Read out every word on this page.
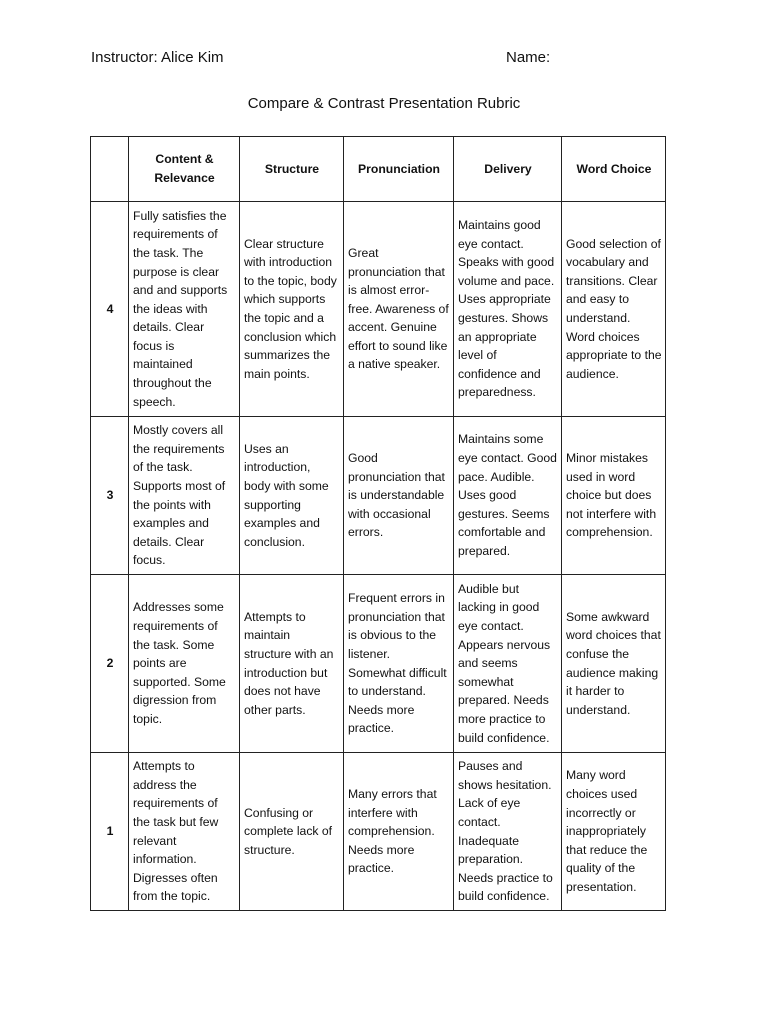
Instructor: Alice Kim	Name:
Compare & Contrast Presentation Rubric
	Content & Relevance	Structure	Pronunciation	Delivery	Word Choice
4	Fully satisfies the requirements of the task. The purpose is clear and and supports the ideas with details. Clear focus is maintained throughout the speech.	Clear structure with introduction to the topic, body which supports the topic and a conclusion which summarizes the main points.	Great pronunciation that is almost error-free. Awareness of accent. Genuine effort to sound like a native speaker.	Maintains good eye contact. Speaks with good volume and pace. Uses appropriate gestures. Shows an appropriate level of confidence and preparedness.	Good selection of vocabulary and transitions. Clear and easy to understand. Word choices appropriate to the audience.
3	Mostly covers all the requirements of the task. Supports most of the points with examples and details. Clear focus.	Uses an introduction, body with some supporting examples and conclusion.	Good pronunciation that is understandable with occasional errors.	Maintains some eye contact. Good pace. Audible. Uses good gestures. Seems comfortable and prepared.	Minor mistakes used in word choice but does not interfere with comprehension.
2	Addresses some requirements of the task. Some points are supported. Some digression from topic.	Attempts to maintain structure with an introduction but does not have other parts.	Frequent errors in pronunciation that is obvious to the listener. Somewhat difficult to understand. Needs more practice.	Audible but lacking in good eye contact. Appears nervous and seems somewhat prepared. Needs more practice to build confidence.	Some awkward word choices that confuse the audience making it harder to understand.
1	Attempts to address the requirements of the task but few relevant information. Digresses often from the topic.	Confusing or complete lack of structure.	Many errors that interfere with comprehension. Needs more practice.	Pauses and shows hesitation. Lack of eye contact. Inadequate preparation. Needs practice to build confidence.	Many word choices used incorrectly or inappropriately that reduce the quality of the presentation.
